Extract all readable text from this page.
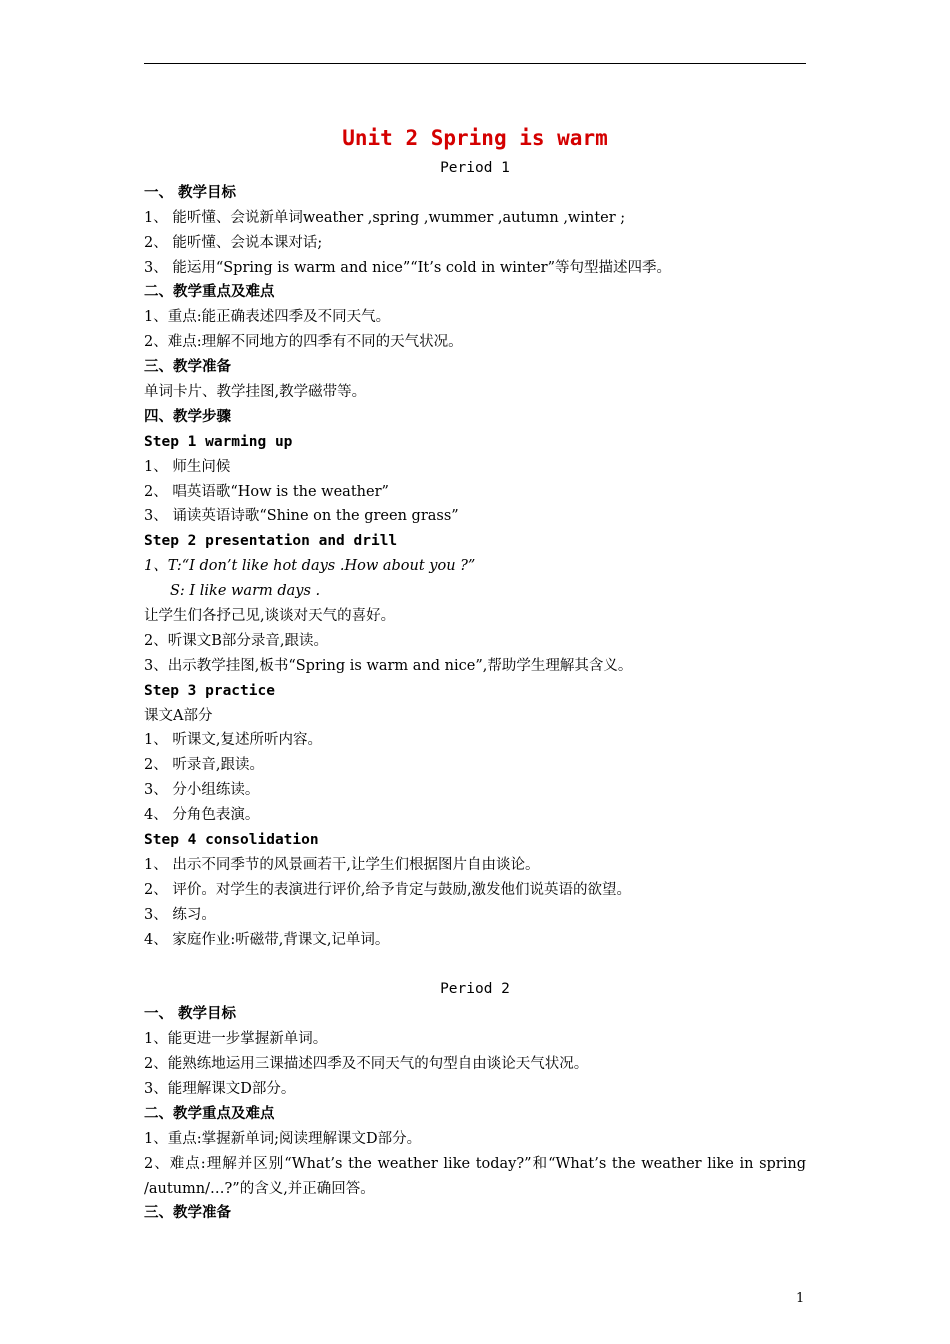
Unit 2 Spring is warm
Period 1
一、 教学目标
1、 能听懂、会说新单词weather ,spring ,wummer ,autumn ,winter ;
2、 能听懂、会说本课对话;
3、 能运用“Spring is warm and nice”“It’s cold in winter”等句型描述四季。
二、教学重点及难点
1、重点:能正确表述四季及不同天气。
2、难点:理解不同地方的四季有不同的天气状况。
三、教学准备
单词卡片、教学挂图,教学磁带等。
四、教学步骤
Step 1 warming up
1、 师生问候
2、 唱英语歌“How is the weather”
3、 诵读英语诗歌“Shine on the green grass”
Step 2 presentation and drill
1、T:“I don’t like hot days .How about you ?”
S: I like warm days .
让学生们各抒己见,谈谈对天气的喜好。
2、听课文B部分录音,跟读。
3、出示教学挂图,板书“Spring is warm and nice”,帮助学生理解其含义。
Step 3 practice
课文A部分
1、 听课文,复述所听内容。
2、 听录音,跟读。
3、 分小组练读。
4、 分角色表演。
Step 4 consolidation
1、 出示不同季节的风景画若干,让学生们根据图片自由谈论。
2、 评价。对学生的表演进行评价,给予肯定与鼓励,激发他们说英语的欲望。
3、 练习。
4、 家庭作业:听磁带,背课文,记单词。
Period 2
一、 教学目标
1、能更进一步掌握新单词。
2、能熟练地运用三课描述四季及不同天气的句型自由谈论天气状况。
3、能理解课文D部分。
二、教学重点及难点
1、重点:掌握新单词;阅读理解课文D部分。
2、难点:理解并区别“What’s the weather like today?”和“What’s the weather like in spring /autumn/…?”的含义,并正确回答。
三、教学准备
1
